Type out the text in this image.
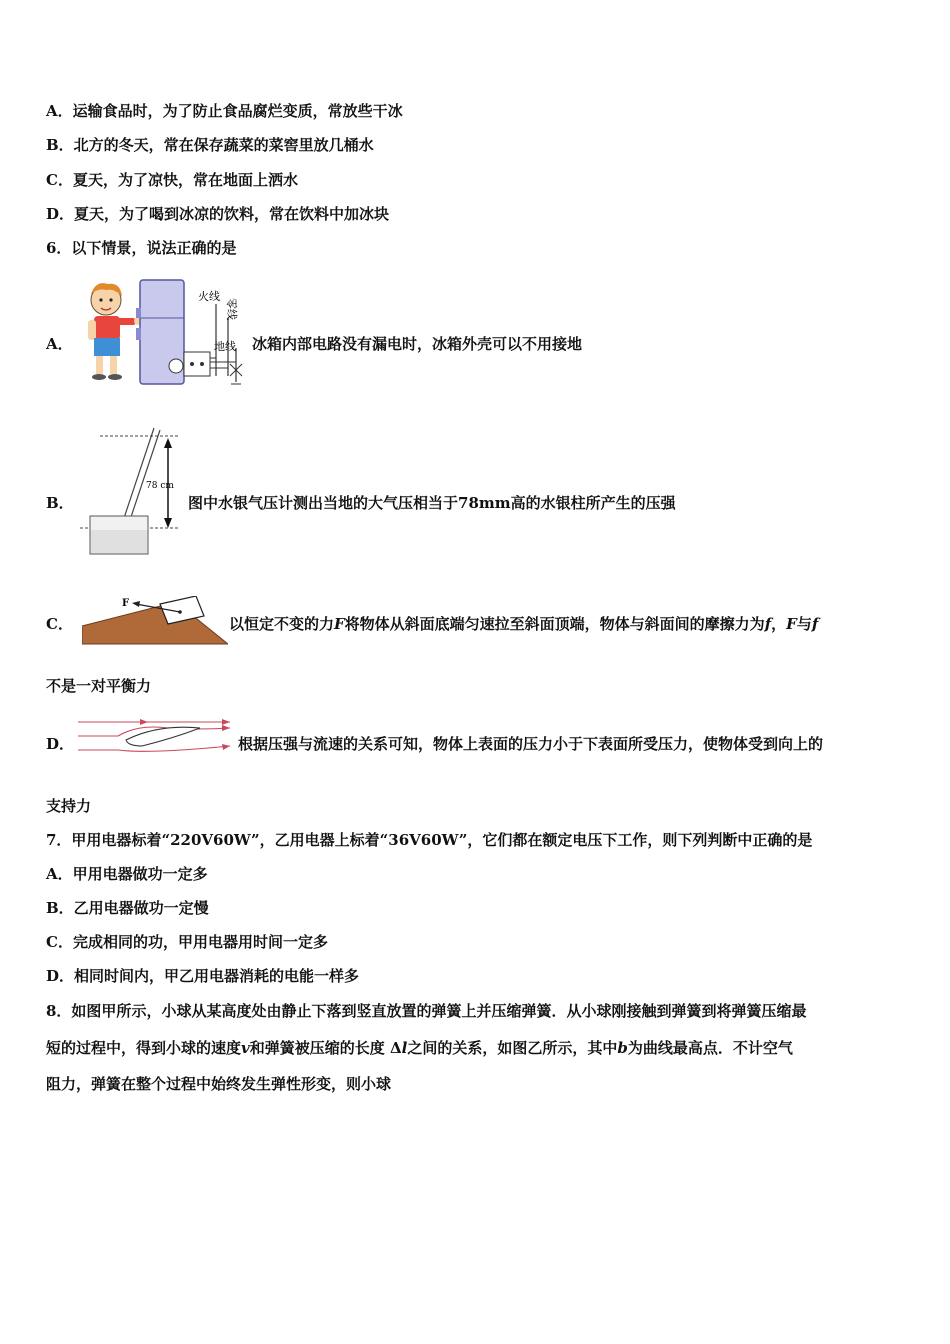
A．运输食品时，为了防止食品腐烂变质，常放些干冰
B．北方的冬天，常在保存蔬菜的菜窖里放几桶水
C．夏天，为了凉快，常在地面上洒水
D．夏天，为了喝到冰凉的饮料，常在饮料中加冰块
6．以下情景，说法正确的是
A．
火线
零线
地线 冰箱内部电路没有漏电时，冰箱外壳可以不用接地
B．
78 cm
图中水银气压计测出当地的大气压相当于78mm高的水银柱所产生的压强
C．
F
以恒定不变的力F将物体从斜面底端匀速拉至斜面顶端，物体与斜面间的摩擦力为f，F与f
不是一对平衡力
D．	根据压强与流速的关系可知，物体上表面的压力小于下表面所受压力，使物体受到向上的
支持力
7．甲用电器标着“220V60W”，乙用电器上标着“36V60W”，它们都在额定电压下工作，则下列判断中正确的是
A．甲用电器做功一定多
B．乙用电器做功一定慢
C．完成相同的功，甲用电器用时间一定多
D．相同时间内，甲乙用电器消耗的电能一样多
8．如图甲所示，小球从某高度处由静止下落到竖直放置的弹簧上并压缩弹簧．从小球刚接触到弹簧到将弹簧压缩最
短的过程中，得到小球的速度v和弹簧被压缩的长度 Δl之间的关系，如图乙所示，其中b为曲线最高点．不计空气
阻力，弹簧在整个过程中始终发生弹性形变，则小球
